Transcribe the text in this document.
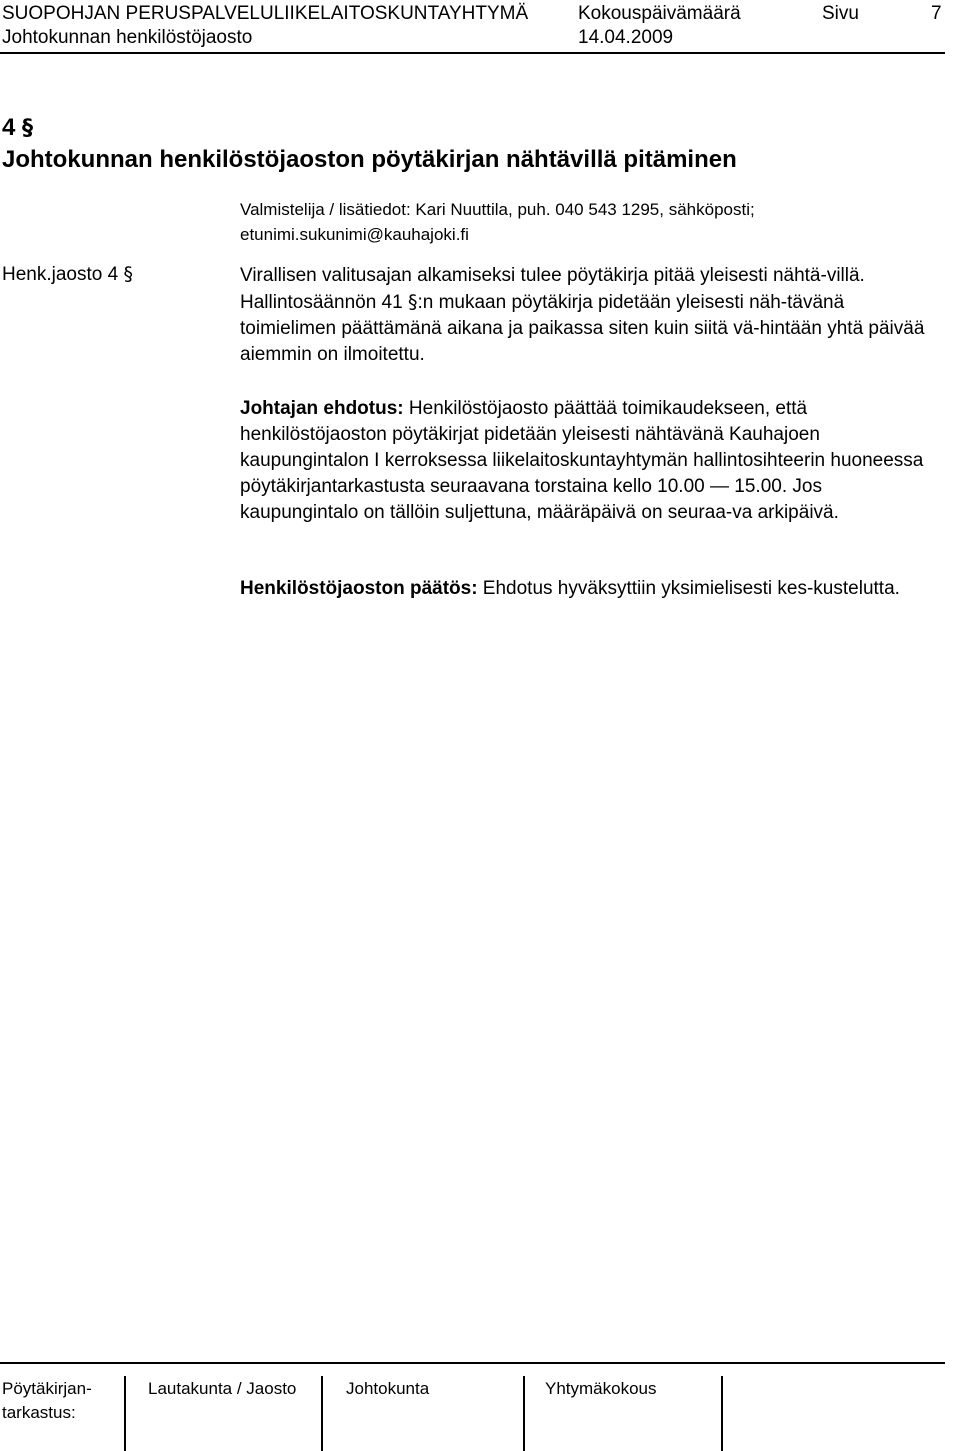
SUOPOHJAN PERUSPALVELULIIKELAITOSKUNTAYHTYMÄ	Kokouspäivämäärä	Sivu	7
Johtokunnan henkilöstöjaosto	14.04.2009
4 §
Johtokunnan henkilöstöjaoston pöytäkirjan nähtävillä pitäminen
Valmistelija / lisätiedot: Kari Nuuttila, puh. 040 543 1295, sähköposti; etunimi.sukunimi@kauhajoki.fi
Henk.jaosto 4 §	Virallisen valitusajan alkamiseksi tulee pöytäkirja pitää yleisesti nähtä-villä. Hallintosäännön 41 §:n mukaan pöytäkirja pidetään yleisesti näh-tävänä toimielimen päättämänä aikana ja paikassa siten kuin siitä vä-hintään yhtä päivää aiemmin on ilmoitettu.
Johtajan ehdotus: Henkilöstöjaosto päättää toimikaudekseen, että henkilöstöjaoston pöytäkirjat pidetään yleisesti nähtävänä Kauhajoen kaupungintalon I kerroksessa liikelaitoskuntayhtymän hallintosihteerin huoneessa pöytäkirjantarkastusta seuraavana torstaina kello 10.00 — 15.00. Jos kaupungintalo on tällöin suljettuna, määräpäivä on seuraa-va arkipäivä.
Henkilöstöjaoston päätös: Ehdotus hyväksyttiin yksimielisesti kes-kustelutta.
Pöytäkirjan-
tarkastus:
Lautakunta / Jaosto	Johtokunta	Yhtymäkokous
